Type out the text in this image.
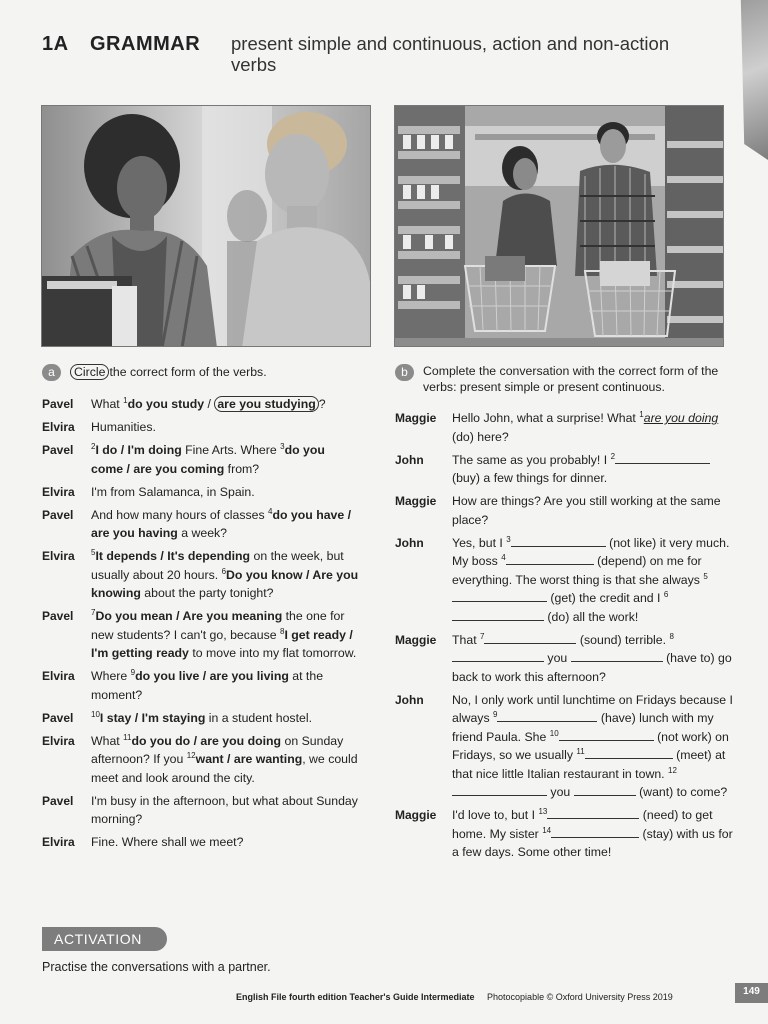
1A GRAMMAR present simple and continuous, action and non-action verbs
a	Circle the correct form of the verbs.
Pavel	What $^1$do you study / are you studying ?
Elvira	Humanities.
Pavel	$^2$I do / I'm doing Fine Arts. Where $^3$do you come / are you coming from?
Elvira	I'm from Salamanca, in Spain.
Pavel	And how many hours of classes $^4$do you have / are you having a week?
Elvira	$^5$It depends / It's depending on the week, but usually about 20 hours. $^6$Do you know / Are you knowing about the party tonight?
Pavel	$^7$Do you mean / Are you meaning the one for new students? I can't go, because $^8$I get ready / I'm getting ready to move into my flat tomorrow.
Elvira	Where $^9$do you live / are you living at the moment?
Pavel	$^{10}$I stay / I'm staying in a student hostel.
Elvira	What $^{11}$do you do / are you doing on Sunday afternoon? If you $^{12}$want / are wanting, we could meet and look around the city.
Pavel	I'm busy in the afternoon, but what about Sunday morning?
Elvira	Fine. Where shall we meet?
b	Complete the conversation with the correct form of the verbs: present simple or present continuous.
Maggie	Hello John, what a surprise! What $^1$are you doing (do) here?
John	The same as you probably! I $^2$ (buy) a few things for dinner.
Maggie	How are things? Are you still working at the same place?
John	Yes, but I $^3$	(not like) it very much. My boss $^4$	(depend) on me for everything. The worst thing is that she always $^5$ (get) the credit and I $^6$ (do) all the work!
Maggie	That $^7$	(sound) terrible. $^8$ you	(have to) go back to work this afternoon?
John	No, I only work until lunchtime on Fridays because I always $^9$	(have) lunch with my friend Paula. She $^{10}$	(not work) on Fridays, so we usually $^{11}$	(meet) at that nice little Italian restaurant in town. $^{12}$ you	(want) to come?
Maggie	I'd love to, but I $^{13}$	(need) to get home. My sister $^{14}$	(stay) with us for a few days. Some other time!
ACTIVATION
Practise the conversations with a partner.
English File fourth edition Teacher's Guide Intermediate Photocopiable © Oxford University Press 2019	149
